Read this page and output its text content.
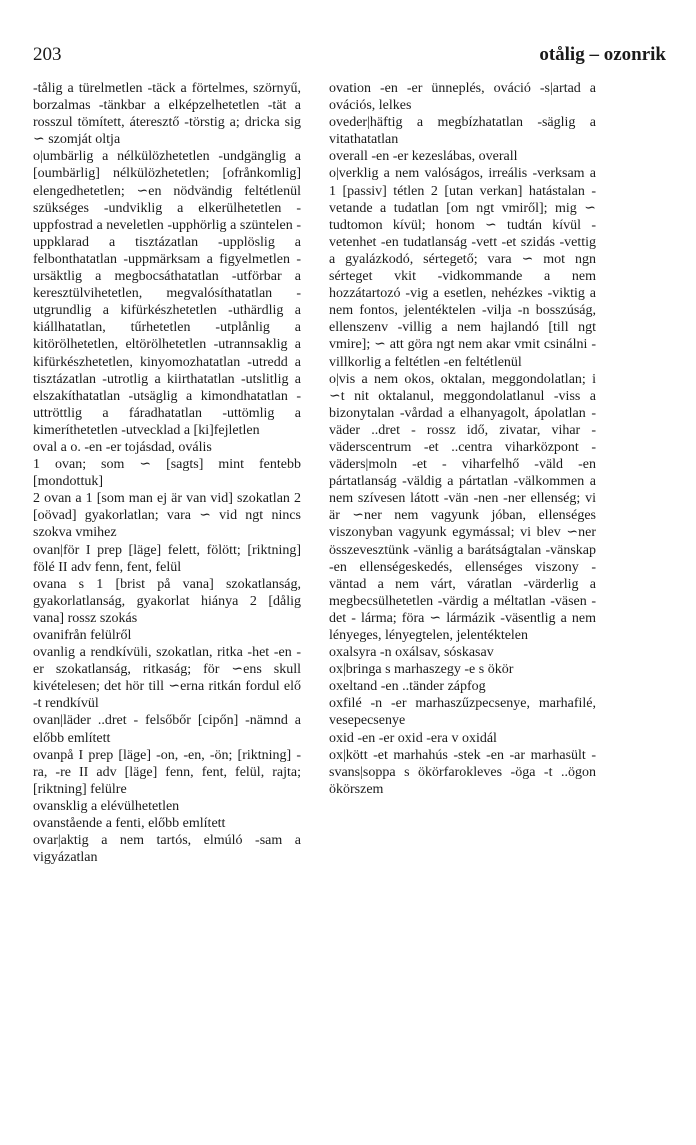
203	otålig – ozonrik

-tålig a türelmetlen -täck a förtelmes, szörnyű, borzalmas -tänkbar a elképzelhetetlen -tät a rosszul tömített, áteresztő -törstig a; dricka sig ∽ szomját oltja

o|umbärlig a nélkülözhetetlen -undgänglig a [oumbärlig] nélkülözhetetlen; [ofrånkomlig] elengedhetetlen; ∽en nödvändig feltétlenül szükséges -undviklig a elkerülhetetlen -uppfostrad a neveletlen -upphörlig a szüntelen -uppklarad a tisztázatlan -upplöslig a felbonthatatlan -uppmärksam a figyelmetlen -ursäktlig a megbocsáthatatlan -utförbar a keresztülvihetetlen, megvalósíthatatlan -utgrundlig a kifürkészhetetlen -uthärdlig a kiállhatatlan, tűrhetetlen -utplånlig a kitörölhetetlen, eltörölhetetlen -utrannsaklig a kifürkészhetetlen, kinyomozhatatlan -utredd a tisztázatlan -utrotlig a kiirthatatlan -utslitlig a elszakíthatatlan -utsäglig a kimondhatatlan -uttröttlig a fáradhatatlan -uttömlig a kimeríthetetlen -utvecklad a [ki]fejletlen

oval a o. -en -er tojásdad, ovális

1 ovan; som ∽ [sagts] mint fentebb [mondottuk]

2 ovan a 1 [som man ej är van vid] szokatlan 2 [oövad] gyakorlatlan; vara ∽ vid ngt nincs szokva vmihez

ovan|för I prep [läge] felett, fölött; [riktning] fölé II adv fenn, fent, felül

ovana s 1 [brist på vana] szokatlanság, gyakorlatlanság, gyakorlat hiánya 2 [dålig vana] rossz szokás

ovanifrån felülről

ovanlig a rendkívüli, szokatlan, ritka -het -en -er szokatlanság, ritkaság; för ∽ens skull kivételesen; det hör till ∽erna ritkán fordul elő -t rendkívül

ovan|läder ..dret - felsőbőr [cipőn] -nämnd a előbb említett

ovanpå I prep [läge] -on, -en, -ön; [riktning] -ra, -re II adv [läge] fenn, fent, felül, rajta; [riktning] felülre

ovansklig a elévülhetetlen

ovanstående a fenti, előbb említett

ovar|aktig a nem tartós, elmúló -sam a vigyázatlan

ovation -en -er ünneplés, ováció -s|artad a ovációs, lelkes

oveder|häftig a megbízhatatlan -säglig a vitathatatlan

overall -en -er kezeslábas, overall

o|verklig a nem valóságos, irreális -verksam a 1 [passiv] tétlen 2 [utan verkan] hatástalan -vetande a tudatlan [om ngt vmiről]; mig ∽ tudtomon kívül; honom ∽ tudtán kívül -vetenhet -en tudatlanság -vett -et szidás -vettig a gyalázkodó, sértegető; vara ∽ mot ngn sérteget vkit -vidkommande a nem hozzátartozó -vig a esetlen, nehézkes -viktig a nem fontos, jelentéktelen -vilja -n bosszúság, ellenszenv -villig a nem hajlandó [till ngt vmire]; ∽ att göra ngt nem akar vmit csinálni -villkorlig a feltétlen -en feltétlenül

o|vis a nem okos, oktalan, meggondolatlan; i ∽t nit oktalanul, meggondolatlanul -viss a bizonytalan -vårdad a elhanyagolt, ápolatlan -väder ..dret - rossz idő, zivatar, vihar -väderscentrum -et ..centra viharközpont -väders|moln -et - viharfelhő -väld -en pártatlanság -väldig a pártatlan -välkommen a nem szívesen látott -vän -nen -ner ellenség; vi är ∽ner nem vagyunk jóban, ellenséges viszonyban vagyunk egymással; vi blev ∽ner összevesztünk -vänlig a barátságtalan -vänskap -en ellenségeskedés, ellenséges viszony -väntad a nem várt, váratlan -värderlig a megbecsülhetetlen -värdig a méltatlan -väsen -det - lárma; föra ∽ lármázik -väsentlig a nem lényeges, lényegtelen, jelentéktelen

oxalsyra -n oxálsav, sóskasav

ox|bringa s marhaszegy -e s ökör

oxeltand -en ..tänder zápfog

oxfilé -n -er marhaszűzpecsenye, marhafilé, vesepecsenye

oxid -en -er oxid -era v oxidál

ox|kött -et marhahús -stek -en -ar marhasült -svans|soppa s ökörfarokleves -öga -t ..ögon ökörszem
